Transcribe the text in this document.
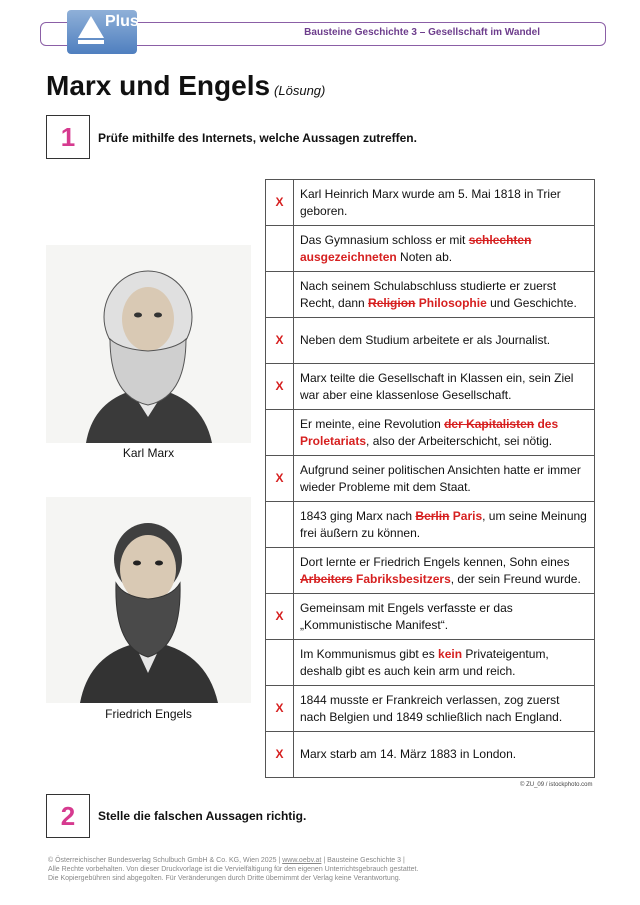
Plus
Bausteine Geschichte 3 – Gesellschaft im Wandel
Marx und Engels (Lösung)
1	Prüfe mithilfe des Internets, welche Aussagen zutreffen.
Karl Marx
Friedrich Engels
X	Karl Heinrich Marx wurde am 5. Mai 1818 in Trier geboren.
	Das Gymnasium schloss er mit schlechten ausgezeichneten Noten ab.
	Nach seinem Schulabschluss studierte er zuerst Recht, dann Religion Philosophie und Geschichte.
X	Neben dem Studium arbeitete er als Journalist.
X	Marx teilte die Gesellschaft in Klassen ein, sein Ziel war aber eine klassenlose Gesellschaft.
	Er meinte, eine Revolution der Kapitalisten des Proletariats, also der Arbeiterschicht, sei nötig.
X	Aufgrund seiner politischen Ansichten hatte er immer wieder Probleme mit dem Staat.
	1843 ging Marx nach Berlin Paris, um seine Meinung frei äußern zu können.
	Dort lernte er Friedrich Engels kennen, Sohn eines Arbeiters Fabriksbesitzers, der sein Freund wurde.
X	Gemeinsam mit Engels verfasste er das „Kommunistische Manifest“.
	Im Kommunismus gibt es kein Privateigentum, deshalb gibt es auch kein arm und reich.
X	1844 musste er Frankreich verlassen, zog zuerst nach Belgien und 1849 schließlich nach England.
X	Marx starb am 14. März 1883 in London.
© ZU_09 / istockphoto.com
2	Stelle die falschen Aussagen richtig.
© Österreichischer Bundesverlag Schulbuch GmbH & Co. KG, Wien 2025 | www.oebv.at | Bausteine Geschichte 3 |
Alle Rechte vorbehalten. Von dieser Druckvorlage ist die Vervielfältigung für den eigenen Unterrichtsgebrauch gestattet.
Die Kopiergebühren sind abgegolten. Für Veränderungen durch Dritte übernimmt der Verlag keine Verantwortung.
